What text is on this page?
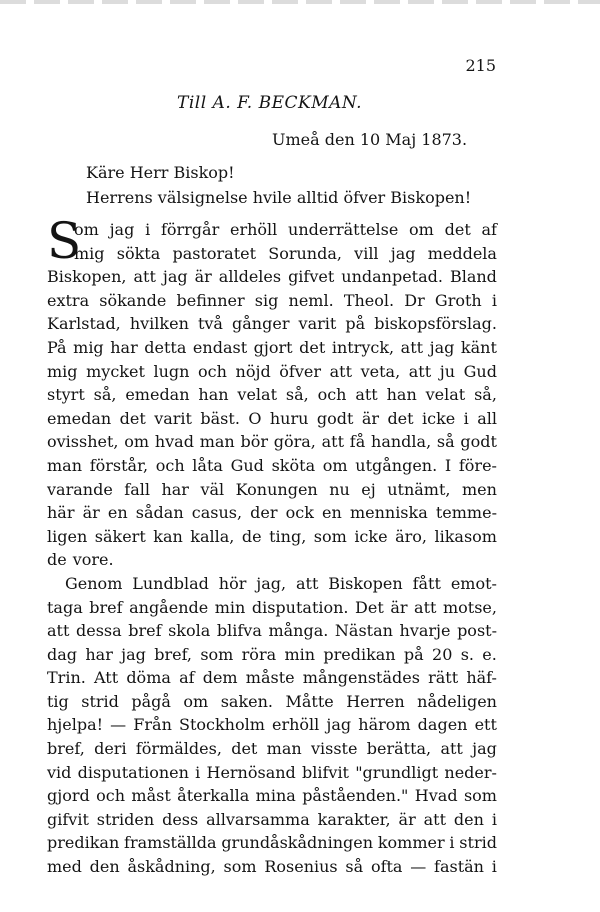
215
Till A. F. BECKMAN.
Umeå den 10 Maj 1873.
Käre Herr Biskop!
Herrens välsignelse hvile alltid öfver Biskopen!
S
om jag i förrgår erhöll underrättelse om det af
mig sökta pastoratet Sorunda, vill jag meddela
Biskopen, att jag är alldeles gifvet undanpetad. Bland
extra sökande befinner sig neml. Theol. Dr Groth i
Karlstad, hvilken två gånger varit på biskopsförslag.
På mig har detta endast gjort det intryck, att jag känt
mig mycket lugn och nöjd öfver att veta, att ju Gud
styrt så, emedan han velat så, och att han velat så,
emedan det varit bäst. O huru godt är det icke i all
ovisshet, om hvad man bör göra, att få handla, så godt
man förstår, och låta Gud sköta om utgången. I före-
varande fall har väl Konungen nu ej utnämt, men
här är en sådan casus, der ock en menniska temme-
ligen säkert kan kalla, de ting, som icke äro, likasom
de vore.
Genom Lundblad hör jag, att Biskopen fått emot-
taga bref angående min disputation. Det är att motse,
att dessa bref skola blifva många. Nästan hvarje post-
dag har jag bref, som röra min predikan på 20 s. e.
Trin. Att döma af dem måste mångenstädes rätt häf-
tig strid pågå om saken. Måtte Herren nådeligen
hjelpa! — Från Stockholm erhöll jag härom dagen ett
bref, deri förmäldes, det man visste berätta, att jag
vid disputationen i Hernösand blifvit "grundligt neder-
gjord och måst återkalla mina påståenden." Hvad som
gifvit striden dess allvarsamma karakter, är att den i
predikan framställda grundåskådningen kommer i strid
med den åskådning, som Rosenius så ofta — fastän i
